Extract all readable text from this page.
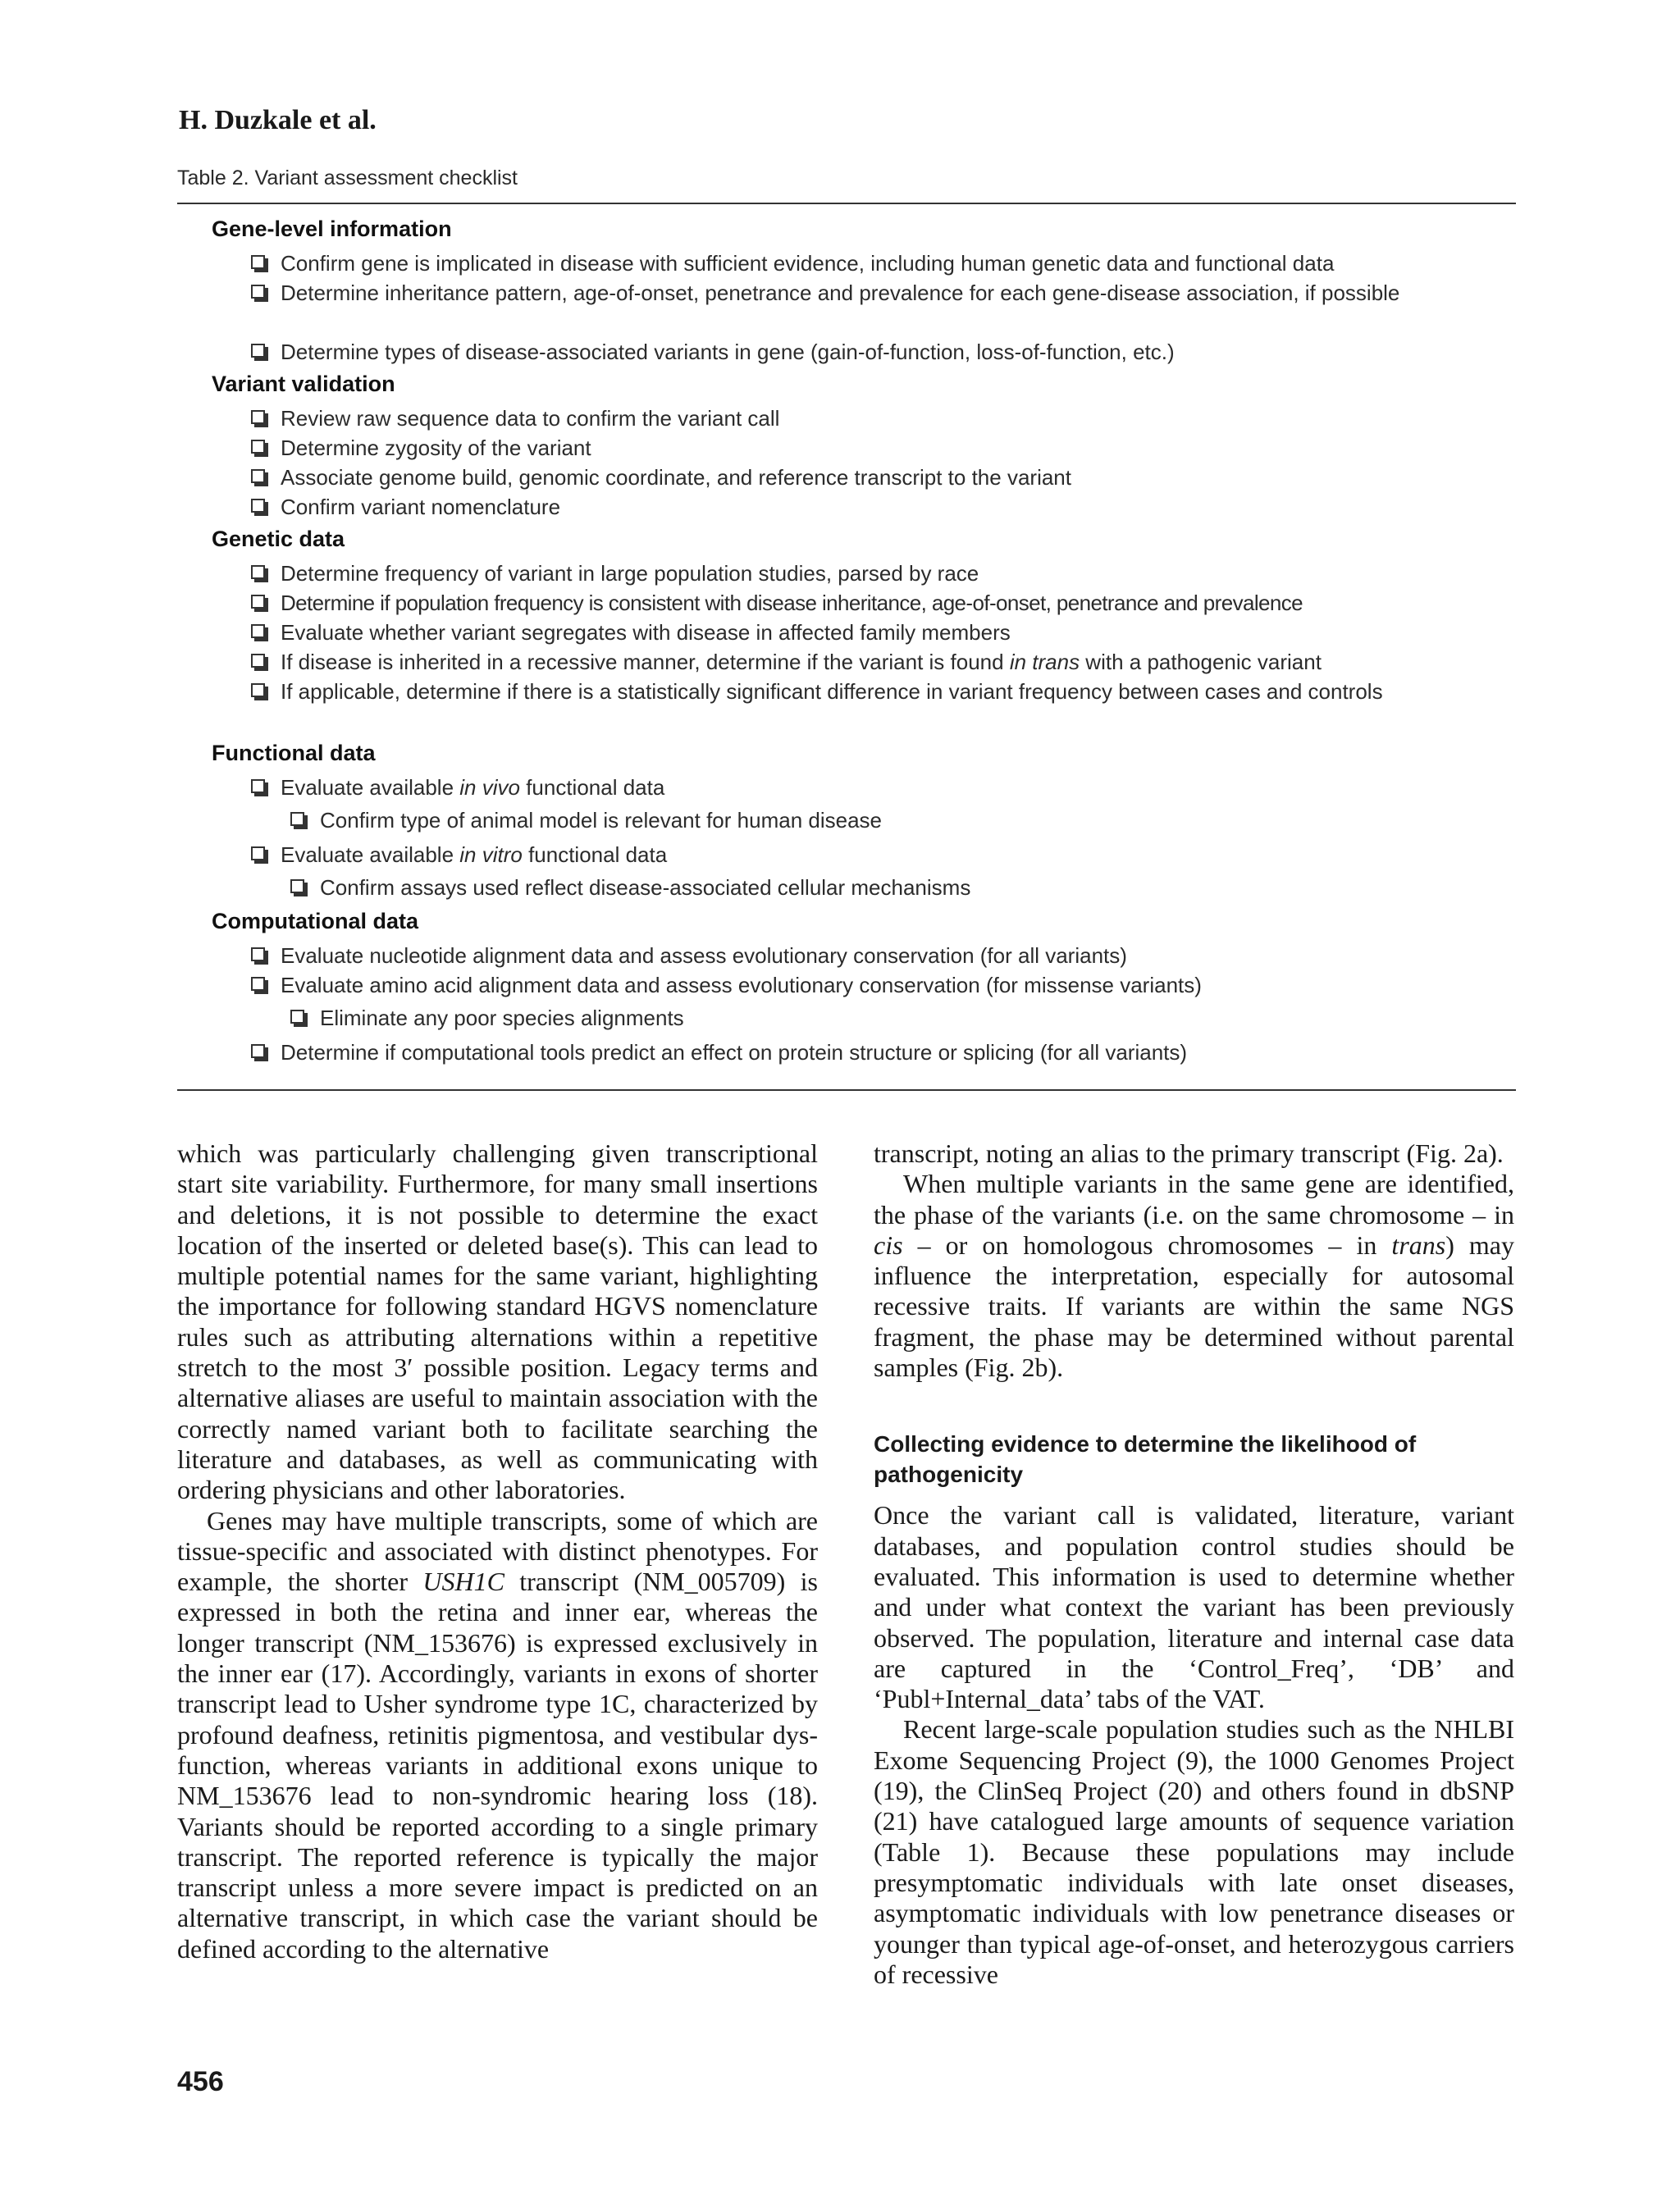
H. Duzkale et al.
Table 2. Variant assessment checklist
Gene-level information
Confirm gene is implicated in disease with sufficient evidence, including human genetic data and functional data
Determine inheritance pattern, age-of-onset, penetrance and prevalence for each gene-disease association, if possible
Determine types of disease-associated variants in gene (gain-of-function, loss-of-function, etc.)
Variant validation
Review raw sequence data to confirm the variant call
Determine zygosity of the variant
Associate genome build, genomic coordinate, and reference transcript to the variant
Confirm variant nomenclature
Genetic data
Determine frequency of variant in large population studies, parsed by race
Determine if population frequency is consistent with disease inheritance, age-of-onset, penetrance and prevalence
Evaluate whether variant segregates with disease in affected family members
If disease is inherited in a recessive manner, determine if the variant is found in trans with a pathogenic variant
If applicable, determine if there is a statistically significant difference in variant frequency between cases and controls
Functional data
Evaluate available in vivo functional data
Confirm type of animal model is relevant for human disease
Evaluate available in vitro functional data
Confirm assays used reflect disease-associated cellular mechanisms
Computational data
Evaluate nucleotide alignment data and assess evolutionary conservation (for all variants)
Evaluate amino acid alignment data and assess evolutionary conservation (for missense variants)
Eliminate any poor species alignments
Determine if computational tools predict an effect on protein structure or splicing (for all variants)

which was particularly challenging given transcriptional start site variability. Furthermore, for many small insertions and deletions, it is not possible to determine the exact location of the inserted or deleted base(s). This can lead to multiple potential names for the same variant, highlighting the importance for following standard HGVS nomenclature rules such as attributing alternations within a repetitive stretch to the most 3′ possible position. Legacy terms and alternative aliases are useful to maintain association with the correctly named variant both to facilitate searching the literature and databases, as well as communicating with ordering physicians and other laboratories.

Genes may have multiple transcripts, some of which are tissue-specific and associated with distinct phenotypes. For example, the shorter USH1C transcript (NM_005709) is expressed in both the retina and inner ear, whereas the longer transcript (NM_153676) is expressed exclusively in the inner ear (17). Accordingly, variants in exons of shorter transcript lead to Usher syndrome type 1C, characterized by profound deafness, retinitis pigmentosa, and vestibular dysfunction, whereas variants in additional exons unique to NM_153676 lead to non-syndromic hearing loss (18). Variants should be reported according to a single primary transcript. The reported reference is typically the major transcript unless a more severe impact is predicted on an alternative transcript, in which case the variant should be defined according to the alternative

transcript, noting an alias to the primary transcript (Fig. 2a).

When multiple variants in the same gene are identified, the phase of the variants (i.e. on the same chromosome – in cis – or on homologous chromosomes – in trans) may influence the interpretation, especially for autosomal recessive traits. If variants are within the same NGS fragment, the phase may be determined without parental samples (Fig. 2b).

Collecting evidence to determine the likelihood of pathogenicity

Once the variant call is validated, literature, variant databases, and population control studies should be evaluated. This information is used to determine whether and under what context the variant has been previously observed. The population, literature and internal case data are captured in the ‘Control_Freq’, ‘DB’ and ‘Publ+Internal_data’ tabs of the VAT.

Recent large-scale population studies such as the NHLBI Exome Sequencing Project (9), the 1000 Genomes Project (19), the ClinSeq Project (20) and others found in dbSNP (21) have catalogued large amounts of sequence variation (Table 1). Because these populations may include presymptomatic individuals with late onset diseases, asymptomatic individuals with low penetrance diseases or younger than typical age-of-onset, and heterozygous carriers of recessive

456
